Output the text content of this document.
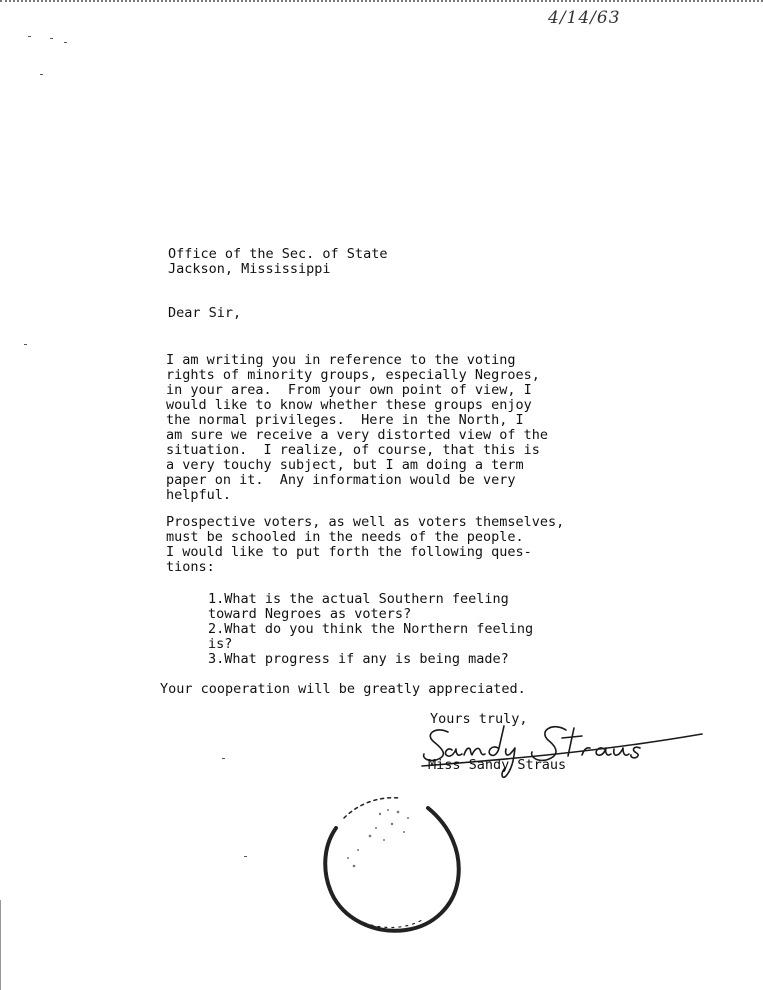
4/14/63
Office of the Sec. of State
Jackson, Mississippi
Dear Sir,
I am writing you in reference to the voting
rights of minority groups, especially Negroes,
in your area.  From your own point of view, I
would like to know whether these groups enjoy
the normal privileges.  Here in the North, I
am sure we receive a very distorted view of the
situation.  I realize, of course, that this is
a very touchy subject, but I am doing a term
paper on it.  Any information would be very
helpful.
Prospective voters, as well as voters themselves,
must be schooled in the needs of the people.
I would like to put forth the following ques-
tions:
1.What is the actual Southern feeling
toward Negroes as voters?
2.What do you think the Northern feeling
is?
3.What progress if any is being made?
Your cooperation will be greatly appreciated.
Yours truly,
Miss Sandy Straus
